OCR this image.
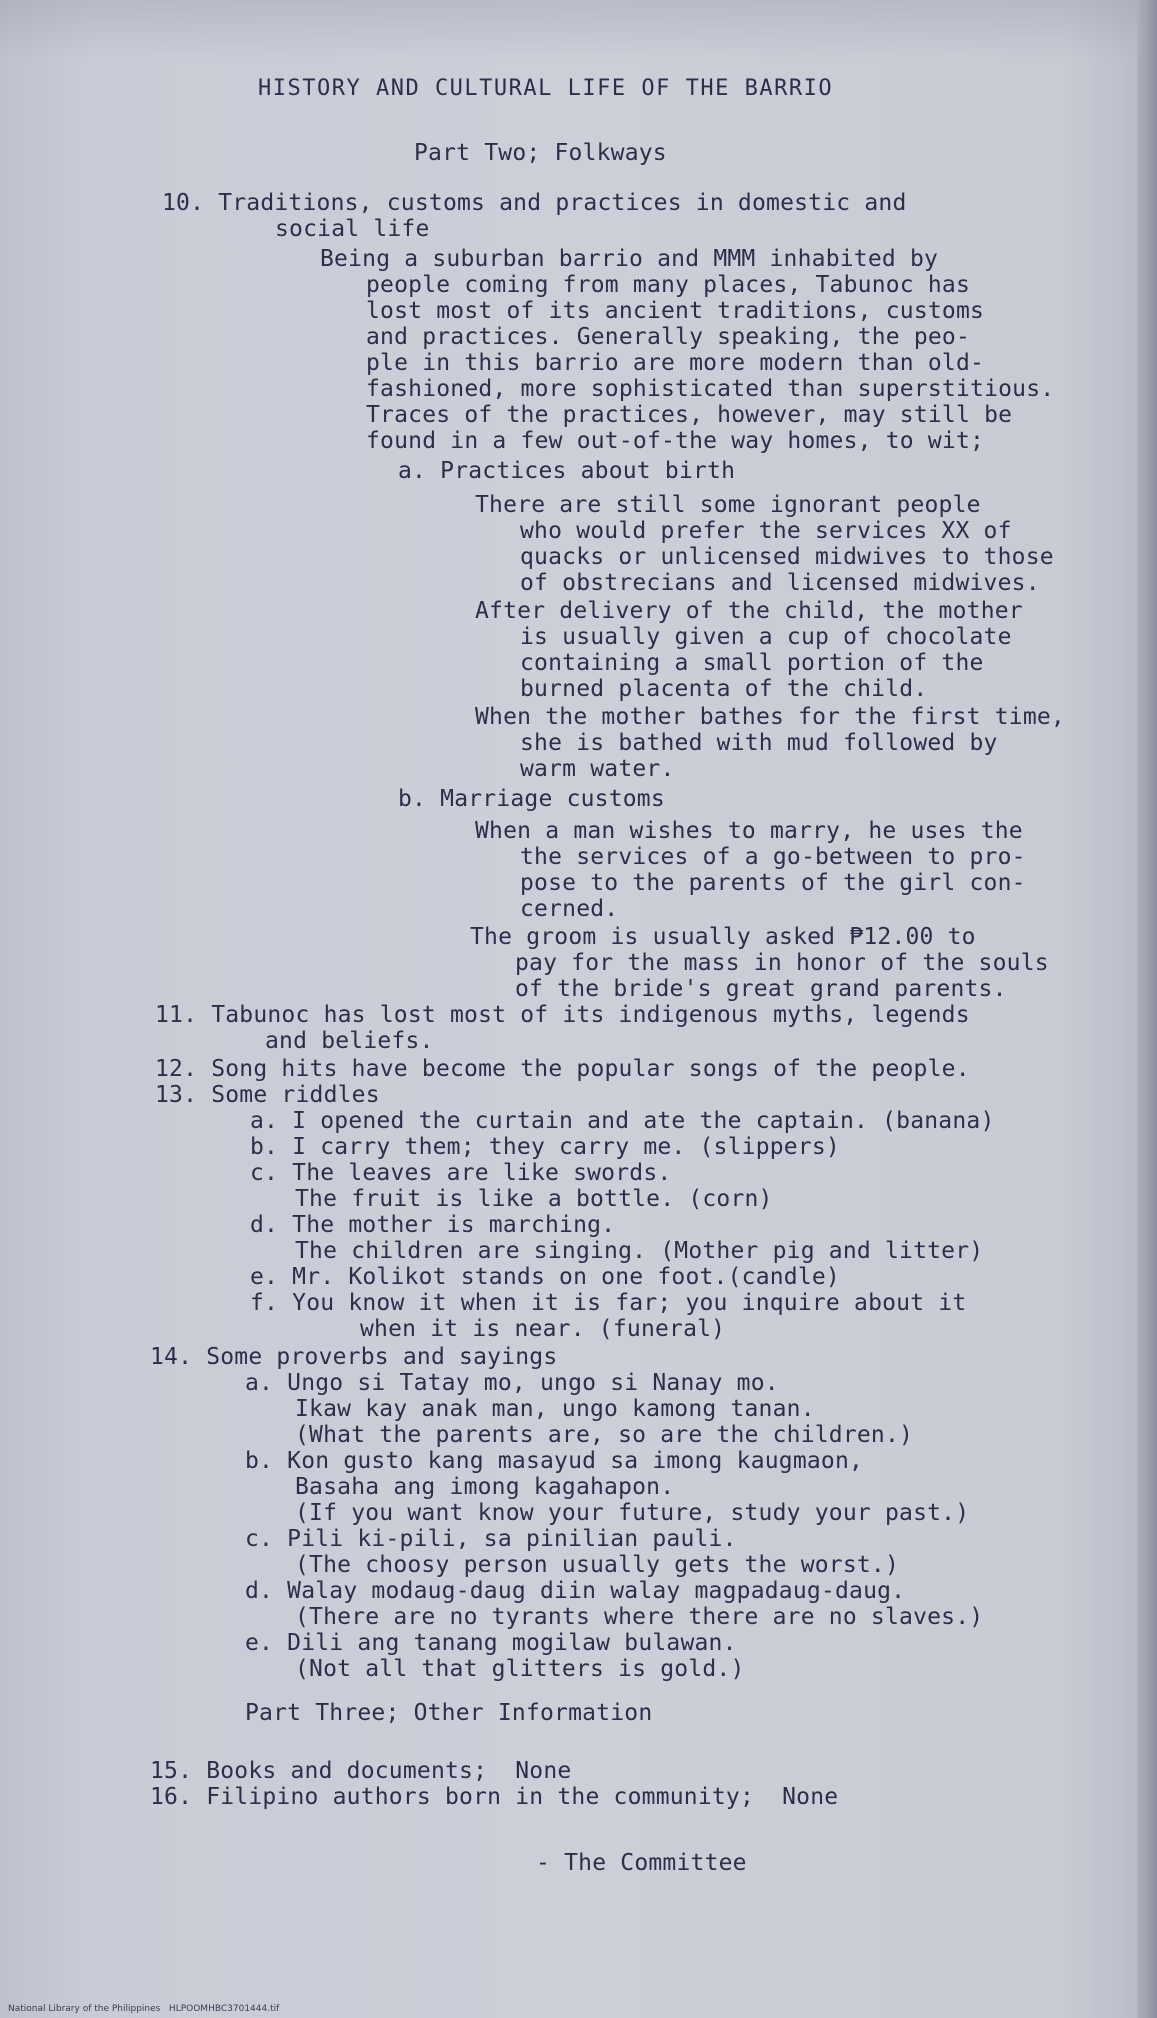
HISTORY AND CULTURAL LIFE OF THE BARRIO
Part Two; Folkways
10. Traditions, customs and practices in domestic and
social life
Being a suburban barrio and MMM inhabited by
people coming from many places, Tabunoc has
lost most of its ancient traditions, customs
and practices. Generally speaking, the peo-
ple in this barrio are more modern than old-
fashioned, more sophisticated than superstitious.
Traces of the practices, however, may still be
found in a few out-of-the way homes, to wit;
a. Practices about birth
There are still some ignorant people
who would prefer the services XX of
quacks or unlicensed midwives to those
of obstrecians and licensed midwives.
After delivery of the child, the mother
is usually given a cup of chocolate
containing a small portion of the
burned placenta of the child.
When the mother bathes for the first time,
she is bathed with mud followed by
warm water.
b. Marriage customs
When a man wishes to marry, he uses the
the services of a go-between to pro-
pose to the parents of the girl con-
cerned.
The groom is usually asked ₱12.00 to
pay for the mass in honor of the souls
of the bride's great grand parents.
11. Tabunoc has lost most of its indigenous myths, legends
and beliefs.
12. Song hits have become the popular songs of the people.
13. Some riddles
a. I opened the curtain and ate the captain. (banana)
b. I carry them; they carry me. (slippers)
c. The leaves are like swords.
The fruit is like a bottle. (corn)
d. The mother is marching.
The children are singing. (Mother pig and litter)
e. Mr. Kolikot stands on one foot.(candle)
f. You know it when it is far; you inquire about it
when it is near. (funeral)
14. Some proverbs and sayings
a. Ungo si Tatay mo, ungo si Nanay mo.
Ikaw kay anak man, ungo kamong tanan.
(What the parents are, so are the children.)
b. Kon gusto kang masayud sa imong kaugmaon,
Basaha ang imong kagahapon.
(If you want know your future, study your past.)
c. Pili ki-pili, sa pinilian pauli.
(The choosy person usually gets the worst.)
d. Walay modaug-daug diin walay magpadaug-daug.
(There are no tyrants where there are no slaves.)
e. Dili ang tanang mogilaw bulawan.
(Not all that glitters is gold.)
Part Three; Other Information
15. Books and documents;  None
16. Filipino authors born in the community;  None
- The Committee
National Library of the Philippines   HLPOOMHBC3701444.tif
